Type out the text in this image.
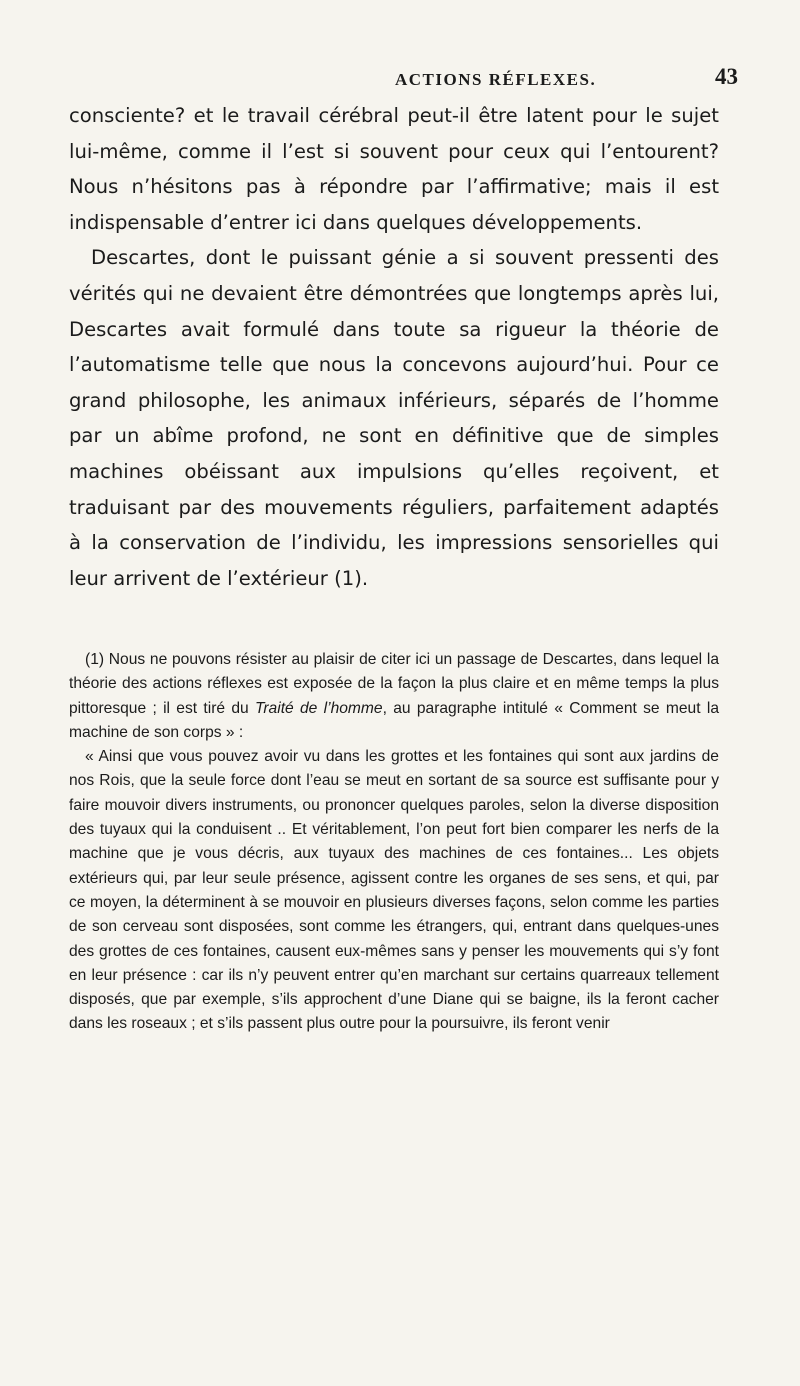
ACTIONS RÉFLEXES.	43

consciente? et le travail cérébral peut-il être latent pour le sujet lui-même, comme il l’est si souvent pour ceux qui l’entourent? Nous n’hésitons pas à répondre par l’affirmative; mais il est indispensable d’entrer ici dans quelques développements.

Descartes, dont le puissant génie a si souvent pressenti des vérités qui ne devaient être démontrées que longtemps après lui, Descartes avait formulé dans toute sa rigueur la théorie de l’automatisme telle que nous la concevons aujourd’hui. Pour ce grand philosophe, les animaux inférieurs, séparés de l’homme par un abîme profond, ne sont en définitive que de simples machines obéissant aux impulsions qu’elles reçoivent, et traduisant par des mouvements réguliers, parfaitement adaptés à la conservation de l’individu, les impressions sensorielles qui leur arrivent de l’extérieur (1).

(1) Nous ne pouvons résister au plaisir de citer ici un passage de Descartes, dans lequel la théorie des actions réflexes est exposée de la façon la plus claire et en même temps la plus pittoresque ; il est tiré du Traité de l’homme, au paragraphe intitulé « Comment se meut la machine de son corps » :

« Ainsi que vous pouvez avoir vu dans les grottes et les fontaines qui sont aux jardins de nos Rois, que la seule force dont l’eau se meut en sortant de sa source est suffisante pour y faire mouvoir divers instruments, ou prononcer quelques paroles, selon la diverse disposition des tuyaux qui la conduisent .. Et véritablement, l’on peut fort bien comparer les nerfs de la machine que je vous décris, aux tuyaux des machines de ces fontaines... Les objets extérieurs qui, par leur seule présence, agissent contre les organes de ses sens, et qui, par ce moyen, la déterminent à se mouvoir en plusieurs diverses façons, selon comme les parties de son cerveau sont disposées, sont comme les étrangers, qui, entrant dans quelques-unes des grottes de ces fontaines, causent eux-mêmes sans y penser les mouvements qui s’y font en leur présence : car ils n’y peuvent entrer qu’en marchant sur certains quarreaux tellement disposés, que par exemple, s’ils approchent d’une Diane qui se baigne, ils la feront cacher dans les roseaux ; et s’ils passent plus outre pour la poursuivre, ils feront venir
